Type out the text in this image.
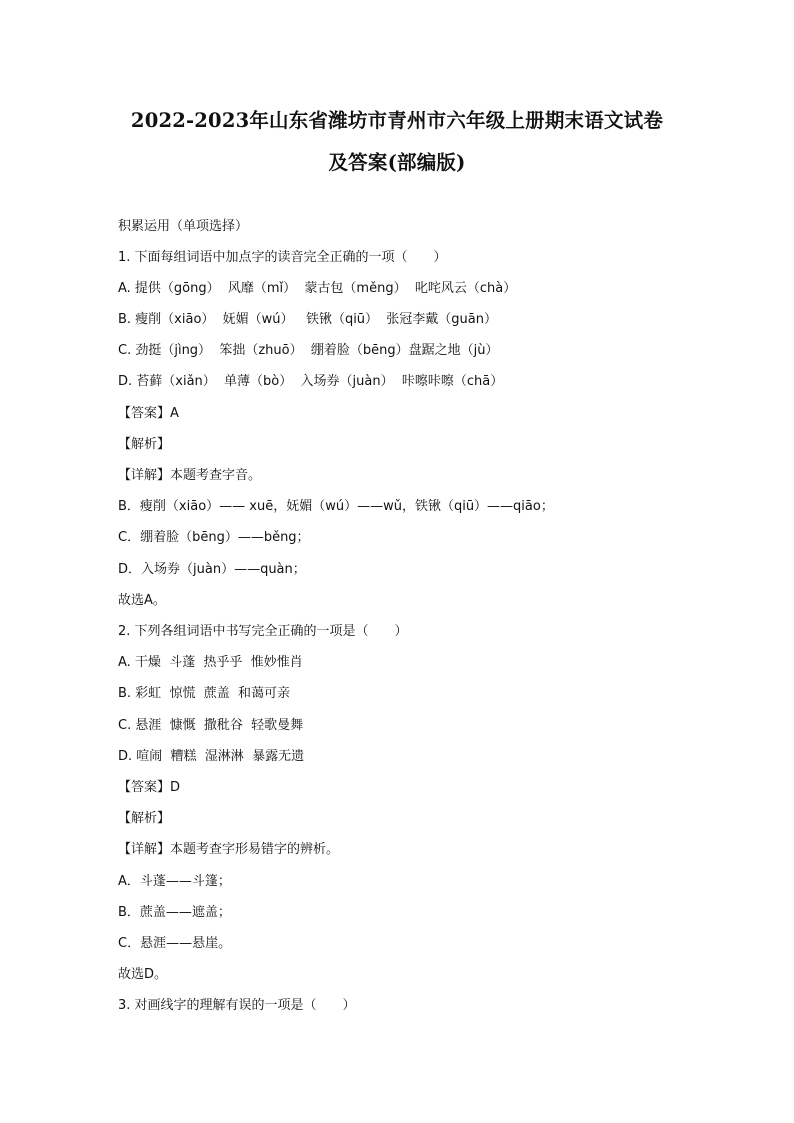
2022-2023年山东省潍坊市青州市六年级上册期末语文试卷
及答案(部编版)
积累运用（单项选择）
1. 下面每组词语中加点字的读音完全正确的一项（　　）
A. 提供（gōng）  风靡（mǐ）  蒙古包（měng）  叱咤风云（chà）
B. 瘦削（xiāo）  妩媚（wú）   铁锹（qiū）  张冠李戴（guān）
C. 劲挺（jìng）  笨拙（zhuō）  绷着脸（bēng）盘踞之地（jù）
D. 苔藓（xiǎn）  单薄（bò）  入场券（juàn）  咔嚓咔嚓（chā）
【答案】A
【解析】
【详解】本题考查字音。
B．瘦削（xiāo）—— xuē，妩媚（wú）——wǔ，铁锹（qiū）——qiāo；
C．绷着脸（bēng）——běng；
D．入场券（juàn）——quàn；
故选A。
2. 下列各组词语中书写完全正确的一项是（　　）
A. 干燥  斗蓬  热乎乎  惟妙惟肖
B. 彩虹  惊慌  蔗盖  和蔼可亲
C. 悬涯  慷慨  撒秕谷  轻歌曼舞
D. 喧闹  糟糕  湿淋淋  暴露无遗
【答案】D
【解析】
【详解】本题考查字形易错字的辨析。
A．斗蓬——斗篷；
B．蔗盖——遮盖；
C．悬涯——悬崖。
故选D。
3. 对画线字的理解有误的一项是（　　）
